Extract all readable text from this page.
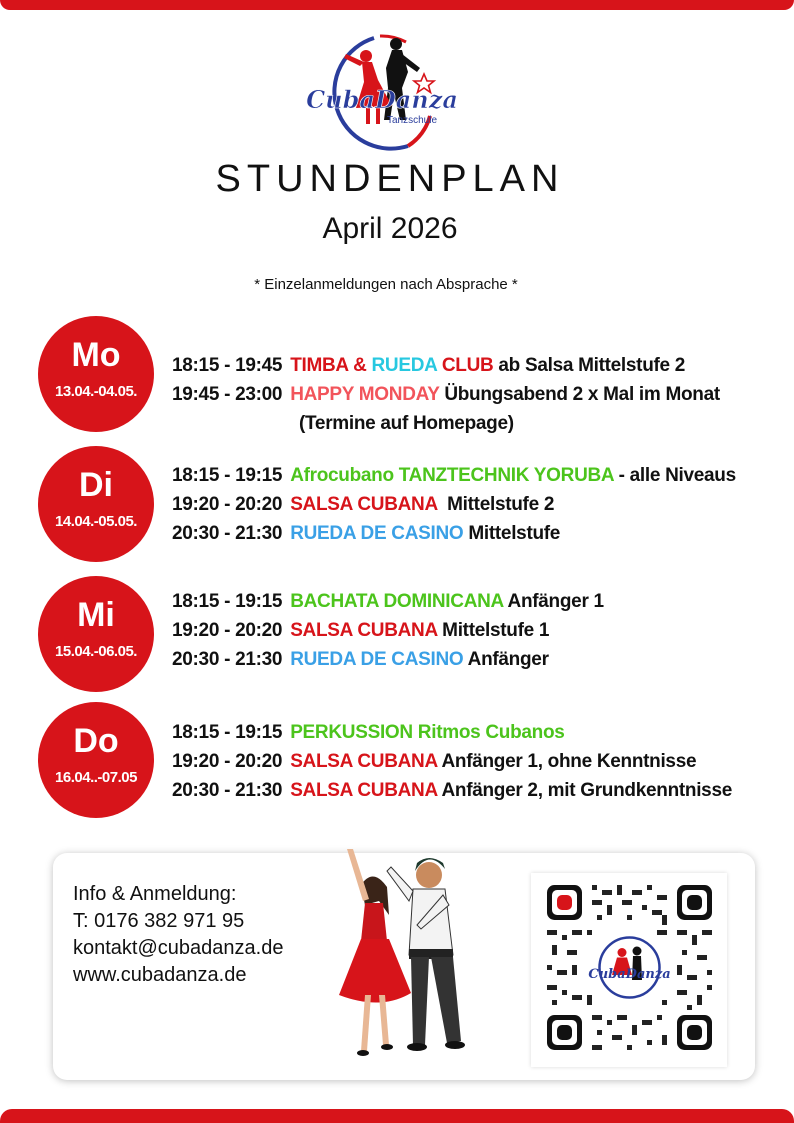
CubaDanza
Tanzschule
STUNDENPLAN
April 2026
* Einzelanmeldungen nach Absprache *
Mo
13.04.-04.05.
18:15 - 19:45 TIMBA & RUEDA CLUB ab Salsa Mittelstufe 2
19:45 - 23:00 HAPPY MONDAY Übungsabend 2 x Mal im Monat
(Termine auf Homepage)
Di
14.04.-05.05.
18:15 - 19:15 Afrocubano TANZTECHNIK YORUBA - alle Niveaus
19:20 - 20:20 SALSA CUBANA  Mittelstufe 2
20:30 - 21:30 RUEDA DE CASINO Mittelstufe
Mi
15.04.-06.05.
18:15 - 19:15 BACHATA DOMINICANA Anfänger 1
19:20 - 20:20 SALSA CUBANA Mittelstufe 1
20:30 - 21:30 RUEDA DE CASINO Anfänger
Do
16.04..-07.05
18:15 - 19:15 PERKUSSION Ritmos Cubanos
19:20 - 20:20 SALSA CUBANA Anfänger 1, ohne Kenntnisse
20:30 - 21:30 SALSA CUBANA Anfänger 2, mit Grundkenntnisse
Info & Anmeldung:
T: 0176 382 971 95
kontakt@cubadanza.de
www.cubadanza.de	CubaDanza
